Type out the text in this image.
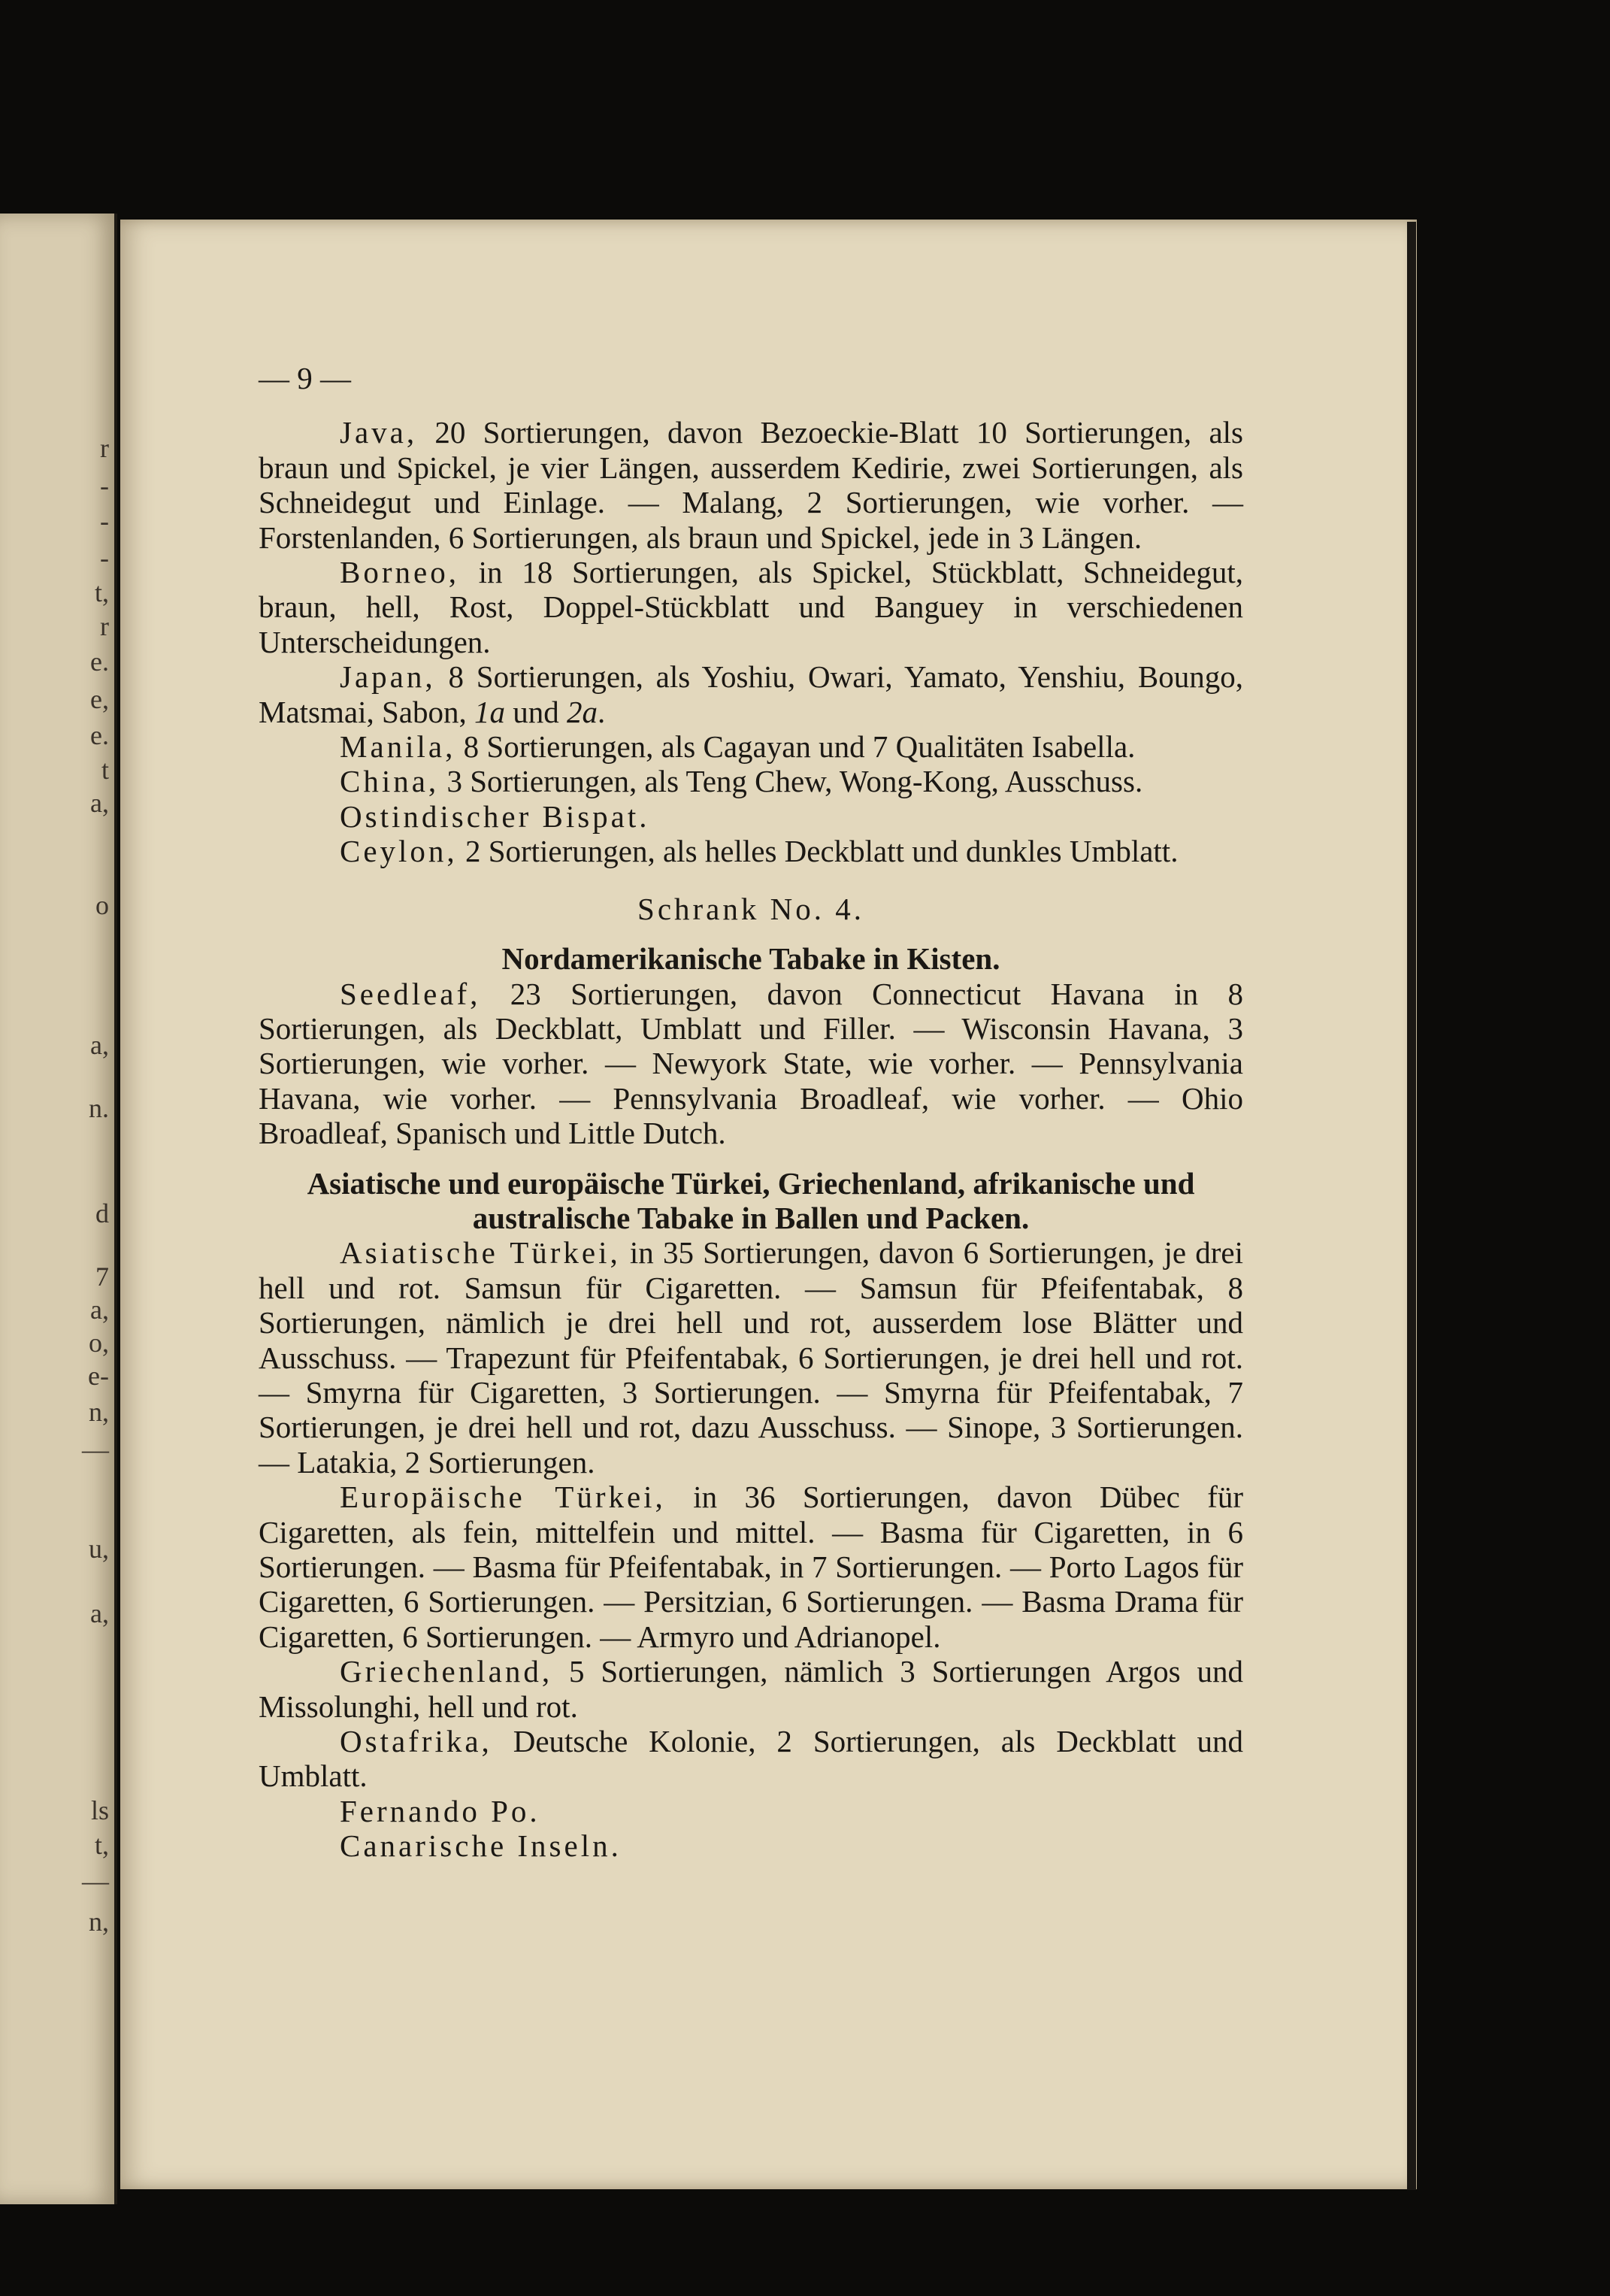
r
-
-
-
t,
r
e.
e,
e.
t
a,
o
a,
n.
d
7
a,
o,
e-
n,
—
u,
a,
ls
t,
—
n,

— 9 —

Java, 20 Sortierungen, davon Bezoeckie-Blatt 10 Sortierungen, als braun und Spickel, je vier Längen, ausserdem Kedirie, zwei Sortierungen, als Schneidegut und Einlage. — Malang, 2 Sortierungen, wie vorher. — Forstenlanden, 6 Sortierungen, als braun und Spickel, jede in 3 Längen.

Borneo, in 18 Sortierungen, als Spickel, Stückblatt, Schneidegut, braun, hell, Rost, Doppel-Stückblatt und Banguey in verschiedenen Unterscheidungen.

Japan, 8 Sortierungen, als Yoshiu, Owari, Yamato, Yenshiu, Boungo, Matsmai, Sabon, 1a und 2a.

Manila, 8 Sortierungen, als Cagayan und 7 Qualitäten Isabella.

China, 3 Sortierungen, als Teng Chew, Wong-Kong, Ausschuss.

Ostindischer Bispat.

Ceylon, 2 Sortierungen, als helles Deckblatt und dunkles Umblatt.

Schrank No. 4.

Nordamerikanische Tabake in Kisten.

Seedleaf, 23 Sortierungen, davon Connecticut Havana in 8 Sortierungen, als Deckblatt, Umblatt und Filler. — Wisconsin Havana, 3 Sortierungen, wie vorher. — Newyork State, wie vorher. — Pennsylvania Havana, wie vorher. — Pennsylvania Broadleaf, wie vorher. — Ohio Broadleaf, Spanisch und Little Dutch.

Asiatische und europäische Türkei, Griechenland, afrikanische und australische Tabake in Ballen und Packen.

Asiatische Türkei, in 35 Sortierungen, davon 6 Sortierungen, je drei hell und rot. Samsun für Cigaretten. — Samsun für Pfeifentabak, 8 Sortierungen, nämlich je drei hell und rot, ausserdem lose Blätter und Ausschuss. — Trapezunt für Pfeifentabak, 6 Sortierungen, je drei hell und rot. — Smyrna für Cigaretten, 3 Sortierungen. — Smyrna für Pfeifentabak, 7 Sortierungen, je drei hell und rot, dazu Ausschuss. — Sinope, 3 Sortierungen. — Latakia, 2 Sortierungen.

Europäische Türkei, in 36 Sortierungen, davon Dübec für Cigaretten, als fein, mittelfein und mittel. — Basma für Cigaretten, in 6 Sortierungen. — Basma für Pfeifentabak, in 7 Sortierungen. — Porto Lagos für Cigaretten, 6 Sortierungen. — Persitzian, 6 Sortierungen. — Basma Drama für Cigaretten, 6 Sortierungen. — Armyro und Adrianopel.

Griechenland, 5 Sortierungen, nämlich 3 Sortierungen Argos und Missolunghi, hell und rot.

Ostafrika, Deutsche Kolonie, 2 Sortierungen, als Deckblatt und Umblatt.

Fernando Po.

Canarische Inseln.
